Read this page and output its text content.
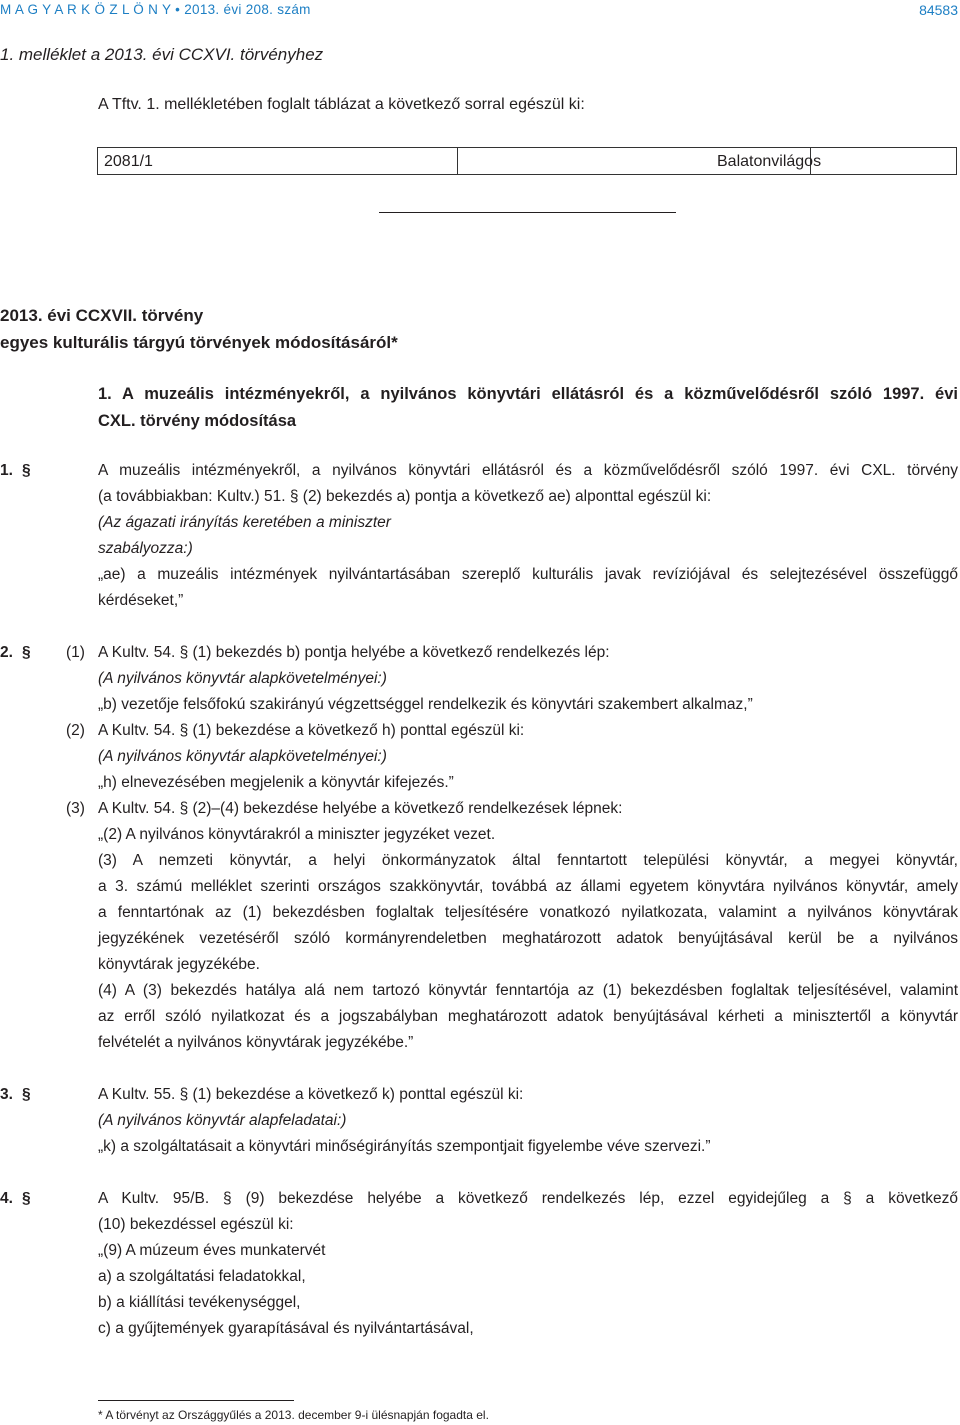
M A G Y A R K Ö Z L Ö N Y • 2013. évi 208. szám	84583
1. melléklet a 2013. évi CCXVI. törvényhez
A Tftv. 1. mellékletében foglalt táblázat a következő sorral egészül ki:
2081/1	Balatonvilágos
2013. évi CCXVII. törvény
egyes kulturális tárgyú törvények módosításáról*
1. A muzeális intézményekről, a nyilvános könyvtári ellátásról és a közművelődésről szóló 1997. évi
CXL. törvény módosítása
1. §	A muzeális intézményekről, a nyilvános könyvtári ellátásról és a közművelődésről szóló 1997. évi CXL. törvény
(a továbbiakban: Kultv.) 51. § (2) bekezdés a) pontja a következő ae) alponttal egészül ki:
(Az ágazati irányítás keretében a miniszter
szabályozza:)
„ae) a muzeális intézmények nyilvántartásában szereplő kulturális javak revíziójával és selejtezésével összefüggő
kérdéseket,”
2. § (1) A Kultv. 54. § (1) bekezdés b) pontja helyébe a következő rendelkezés lép:
(A nyilvános könyvtár alapkövetelményei:)
„b) vezetője felsőfokú szakirányú végzettséggel rendelkezik és könyvtári szakembert alkalmaz,”
(2) A Kultv. 54. § (1) bekezdése a következő h) ponttal egészül ki:
(A nyilvános könyvtár alapkövetelményei:)
„h) elnevezésében megjelenik a könyvtár kifejezés.”
(3) A Kultv. 54. § (2)–(4) bekezdése helyébe a következő rendelkezések lépnek:
„(2) A nyilvános könyvtárakról a miniszter jegyzéket vezet.
(3) A nemzeti könyvtár, a helyi önkormányzatok által fenntartott települési könyvtár, a megyei könyvtár,
a 3. számú melléklet szerinti országos szakkönyvtár, továbbá az állami egyetem könyvtára nyilvános könyvtár, amely
a fenntartónak az (1) bekezdésben foglaltak teljesítésére vonatkozó nyilatkozata, valamint a nyilvános könyvtárak
jegyzékének vezetéséről szóló kormányrendeletben meghatározott adatok benyújtásával kerül be a nyilvános
könyvtárak jegyzékébe.
(4) A (3) bekezdés hatálya alá nem tartozó könyvtár fenntartója az (1) bekezdésben foglaltak teljesítésével, valamint
az erről szóló nyilatkozat és a jogszabályban meghatározott adatok benyújtásával kérheti a minisztertől a könyvtár
felvételét a nyilvános könyvtárak jegyzékébe.”
3. §	A Kultv. 55. § (1) bekezdése a következő k) ponttal egészül ki:
(A nyilvános könyvtár alapfeladatai:)
„k) a szolgáltatásait a könyvtári minőségirányítás szempontjait figyelembe véve szervezi.”
4. §	A Kultv. 95/B. § (9) bekezdése helyébe a következő rendelkezés lép, ezzel egyidejűleg a § a következő
(10) bekezdéssel egészül ki:
„(9) A múzeum éves munkatervét
a) a szolgáltatási feladatokkal,
b) a kiállítási tevékenységgel,
c) a gyűjtemények gyarapításával és nyilvántartásával,
* A törvényt az Országgyűlés a 2013. december 9-i ülésnapján fogadta el.
